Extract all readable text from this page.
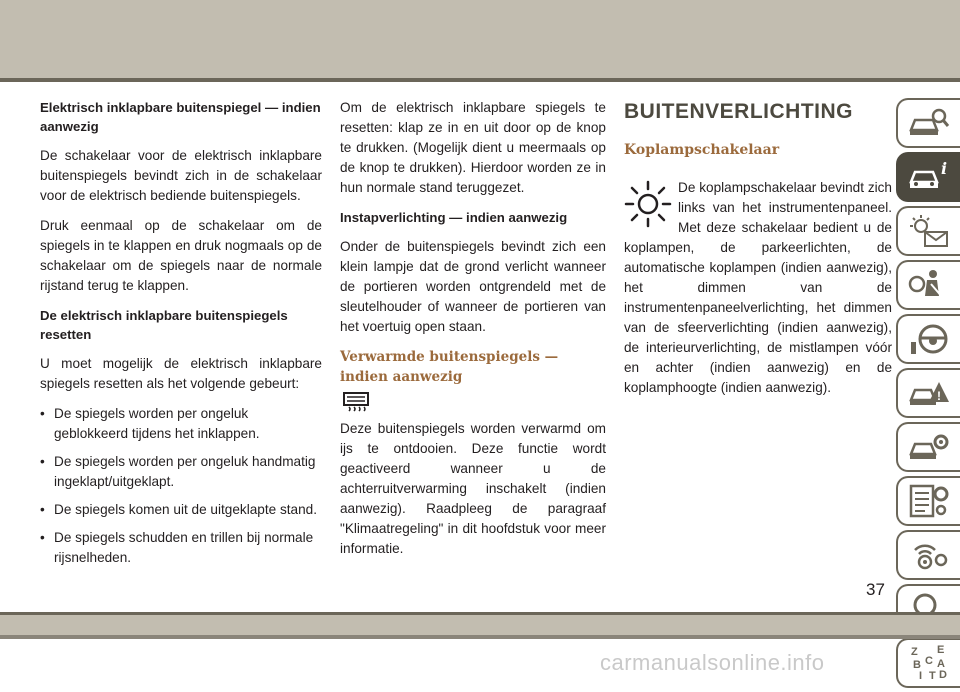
Elektrisch inklapbare buitenspiegel — indien aanwezig

De schakelaar voor de elektrisch inklapbare buitenspiegels bevindt zich in de schakelaar voor de elektrisch bediende buitenspiegels.

Druk eenmaal op de schakelaar om de spiegels in te klappen en druk nogmaals op de schakelaar om de spiegels naar de normale rijstand terug te klappen.

De elektrisch inklapbare buitenspiegels resetten

U moet mogelijk de elektrisch inklapbare spiegels resetten als het volgende gebeurt:

• De spiegels worden per ongeluk geblokkeerd tijdens het inklappen.
• De spiegels worden per ongeluk handmatig ingeklapt/uitgeklapt.
• De spiegels komen uit de uitgeklapte stand.
• De spiegels schudden en trillen bij normale rijsnelheden.

Om de elektrisch inklapbare spiegels te resetten: klap ze in en uit door op de knop te drukken. (Mogelijk dient u meermaals op de knop te drukken). Hierdoor worden ze in hun normale stand teruggezet.

Instapverlichting — indien aanwezig

Onder de buitenspiegels bevindt zich een klein lampje dat de grond verlicht wanneer de portieren worden ontgrendeld met de sleutelhouder of wanneer de portieren van het voertuig open staan.

Verwarmde buitenspiegels — indien aanwezig

Deze buitenspiegels worden verwarmd om ijs te ontdooien. Deze functie wordt geactiveerd wanneer u de achterruitverwarming inschakelt (indien aanwezig). Raadpleeg de paragraaf "Klimaatregeling" in dit hoofdstuk voor meer informatie.

BUITENVERLICHTING
Koplampschakelaar

De koplampschakelaar bevindt zich links van het instrumentenpaneel. Met deze schakelaar bedient u de koplampen, de parkeerlichten, de automatische koplampen (indien aanwezig), het dimmen van de instrumentenpaneelverlichting, het dimmen van de sfeerverlichting (indien aanwezig), de interieurverlichting, de mistlampen vóór en achter (indien aanwezig) en de koplamphoogte (indien aanwezig).

i
!
Z E
B A
C
D
I T
37
carmanualsonline.info
